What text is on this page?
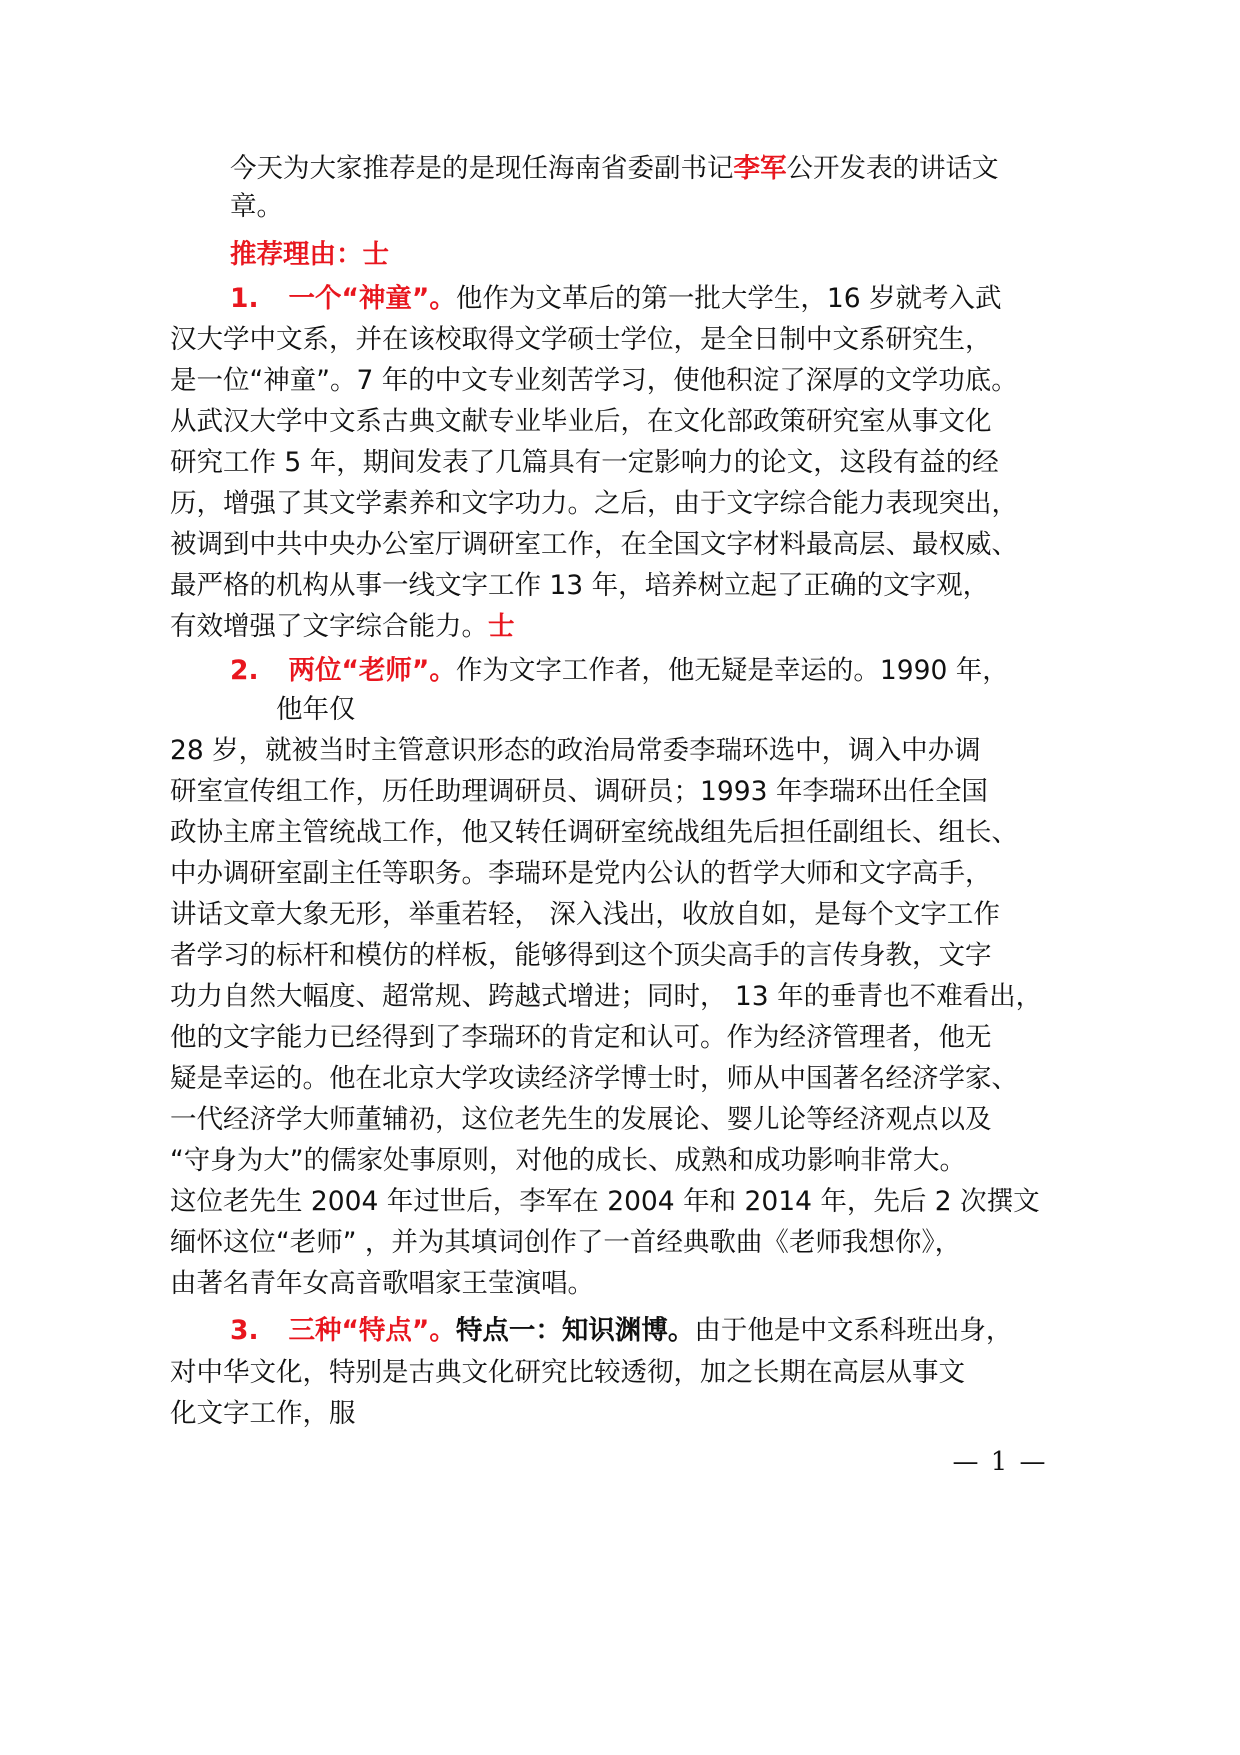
今天为大家推荐是的是现任海南省委副书记李军公开发表的讲话文
章。
推荐理由：士
1. 一个“神童”。他作为文革后的第一批大学生，16 岁就考入武
汉大学中文系，并在该校取得文学硕士学位，是全日制中文系研究生，
是一位“神童”。7 年的中文专业刻苦学习，使他积淀了深厚的文学功底。
从武汉大学中文系古典文献专业毕业后，在文化部政策研究室从事文化
研究工作 5 年，期间发表了几篇具有一定影响力的论文，这段有益的经
历，增强了其文学素养和文字功力。之后，由于文字综合能力表现突出，
被调到中共中央办公室厅调研室工作，在全国文字材料最高层、最权威、
最严格的机构从事一线文字工作 13 年，培养树立起了正确的文字观，
有效增强了文字综合能力。士
2. 两位“老师”。作为文字工作者，他无疑是幸运的。1990 年，
他年仅
28 岁，就被当时主管意识形态的政治局常委李瑞环选中，调入中办调
研室宣传组工作，历任助理调研员、调研员；1993 年李瑞环出任全国
政协主席主管统战工作，他又转任调研室统战组先后担任副组长、组长、
中办调研室副主任等职务。李瑞环是党内公认的哲学大师和文字高手，
讲话文章大象无形，举重若轻， 深入浅出，收放自如，是每个文字工作
者学习的标杆和模仿的样板，能够得到这个顶尖高手的言传身教，文字
功力自然大幅度、超常规、跨越式增进；同时， 13 年的垂青也不难看出，
他的文字能力已经得到了李瑞环的肯定和认可。作为经济管理者，他无
疑是幸运的。他在北京大学攻读经济学博士时，师从中国著名经济学家、
一代经济学大师董辅礽，这位老先生的发展论、婴儿论等经济观点以及
“守身为大”的儒家处事原则，对他的成长、成熟和成功影响非常大。
这位老先生 2004 年过世后，李军在 2004 年和 2014 年，先后 2 次撰文
缅怀这位“老师” ，并为其填词创作了一首经典歌曲《老师我想你》，
由著名青年女高音歌唱家王莹演唱。
3. 三种“特点”。特点一：知识渊博。由于他是中文系科班出身，
对中华文化，特别是古典文化研究比较透彻，加之长期在高层从事文
化文字工作，服
— 1 —
